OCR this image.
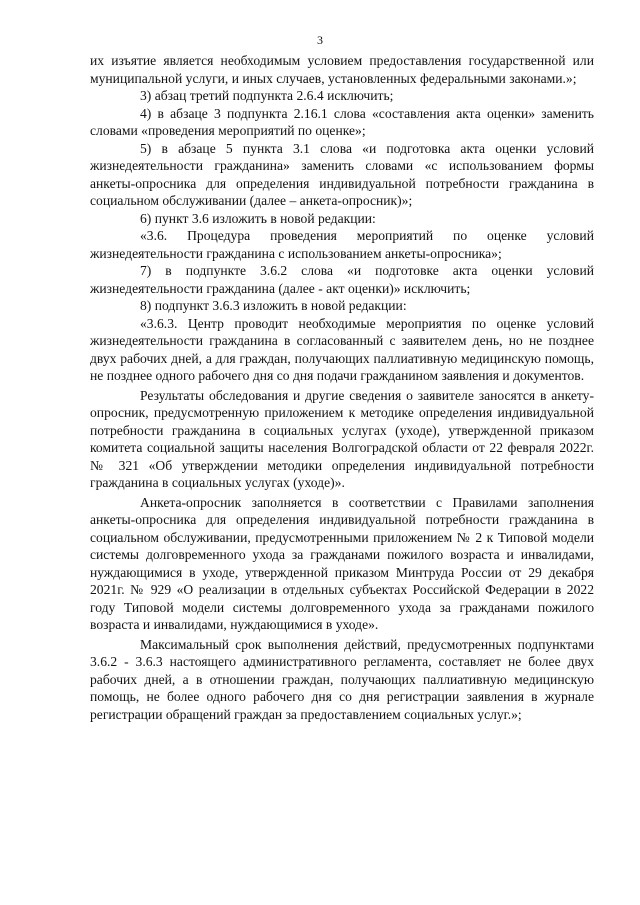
3

их изъятие является необходимым условием предоставления государственной или муниципальной услуги, и иных случаев, установленных федеральными законами.»;

3) абзац третий подпункта 2.6.4 исключить;

4) в абзаце 3 подпункта 2.16.1 слова «составления акта оценки» заменить словами «проведения мероприятий по оценке»;

5) в абзаце 5 пункта 3.1 слова «и подготовка акта оценки условий жизнедеятельности гражданина» заменить словами «с использованием формы анкеты-опросника для определения индивидуальной потребности гражданина в социальном обслуживании (далее – анкета-опросник)»;

6) пункт 3.6 изложить в новой редакции:

«3.6. Процедура проведения мероприятий по оценке условий жизнедеятельности гражданина с использованием анкеты-опросника»;

7) в подпункте 3.6.2 слова «и подготовке акта оценки условий жизнедеятельности гражданина (далее - акт оценки)» исключить;

8) подпункт 3.6.3 изложить в новой редакции:

«3.6.3. Центр проводит необходимые мероприятия по оценке условий жизнедеятельности гражданина в согласованный с заявителем день, но не позднее двух рабочих дней, а для граждан, получающих паллиативную медицинскую помощь, не позднее одного рабочего дня со дня подачи гражданином заявления и документов.

Результаты обследования и другие сведения о заявителе заносятся в анкету-опросник, предусмотренную приложением к методике определения индивидуальной потребности гражданина в социальных услугах (уходе), утвержденной приказом комитета социальной защиты населения Волгоградской области от 22 февраля 2022г. № 321 «Об утверждении методики определения индивидуальной потребности гражданина в социальных услугах (уходе)».

Анкета-опросник заполняется в соответствии с Правилами заполнения анкеты-опросника для определения индивидуальной потребности гражданина в социальном обслуживании, предусмотренными приложением № 2 к Типовой модели системы долговременного ухода за гражданами пожилого возраста и инвалидами, нуждающимися в уходе, утвержденной приказом Минтруда России от 29 декабря 2021г. № 929 «О реализации в отдельных субъектах Российской Федерации в 2022 году Типовой модели системы долговременного ухода за гражданами пожилого возраста и инвалидами, нуждающимися в уходе».

Максимальный срок выполнения действий, предусмотренных подпунктами 3.6.2 - 3.6.3 настоящего административного регламента, составляет не более двух рабочих дней, а в отношении граждан, получающих паллиативную медицинскую помощь, не более одного рабочего дня со дня регистрации заявления в журнале регистрации обращений граждан за предоставлением социальных услуг.»;
